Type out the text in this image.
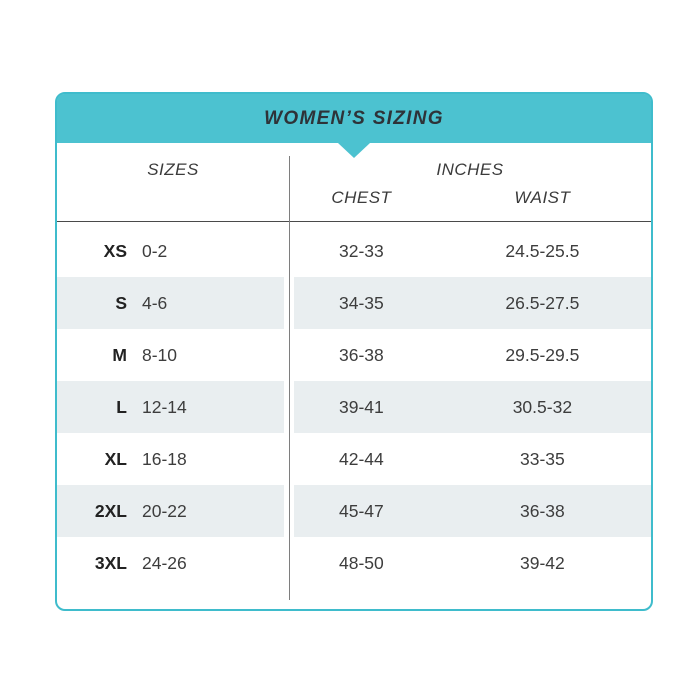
WOMEN’S SIZING
SIZES	INCHES
CHEST	WAIST
XS 0-2	32-33	24.5-25.5
S 4-6	34-35	26.5-27.5
M 8-10	36-38	29.5-29.5
L 12-14	39-41	30.5-32
XL 16-18	42-44	33-35
2XL 20-22	45-47	36-38
3XL 24-26	48-50	39-42
